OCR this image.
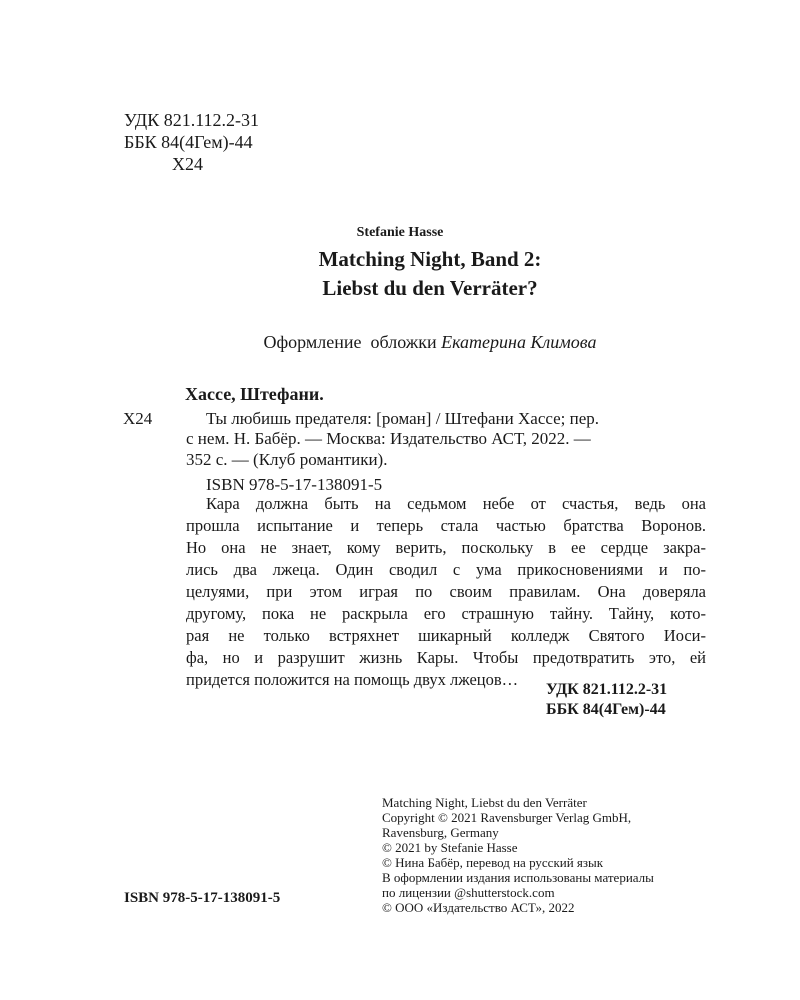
УДК 821.112.2-31
ББК 84(4Гем)-44
Х24
Stefanie Hasse
Matching Night, Band 2:
Liebst du den Verräter?
Оформление  обложки Екатерина Климова
Хассе, Штефани.
Х24	Ты любишь предателя: [роман] / Штефани Хассе; пер.
с нем. Н. Бабёр. — Москва: Издательство АСТ, 2022. —
352 с. — (Клуб романтики).
ISBN 978-5-17-138091-5

Кара должна быть на седьмом небе от счастья, ведь она

прошла испытание и теперь стала частью братства Воронов.

Но она не знает, кому верить, поскольку в ее сердце закра-

лись два лжеца. Один сводил с ума прикосновениями и по-

целуями, при этом играя по своим правилам. Она доверяла

другому, пока не раскрыла его страшную тайну. Тайну, кото-

рая не только встряхнет шикарный колледж Святого Иоси-

фа, но и разрушит жизнь Кары. Чтобы предотвратить это, ей

придется положится на помощь двух лжецов…

УДК 821.112.2-31
ББК 84(4Гем)-44
Matching Night, Liebst du den Verräter
Copyright © 2021 Ravensburger Verlag GmbH,
Ravensburg, Germany
© 2021 by Stefanie Hasse
© Нина Бабёр, перевод на русский язык
В оформлении издания использованы материалы
по лицензии @shutterstock.com
© ООО «Издательство АСТ», 2022
ISBN 978-5-17-138091-5
